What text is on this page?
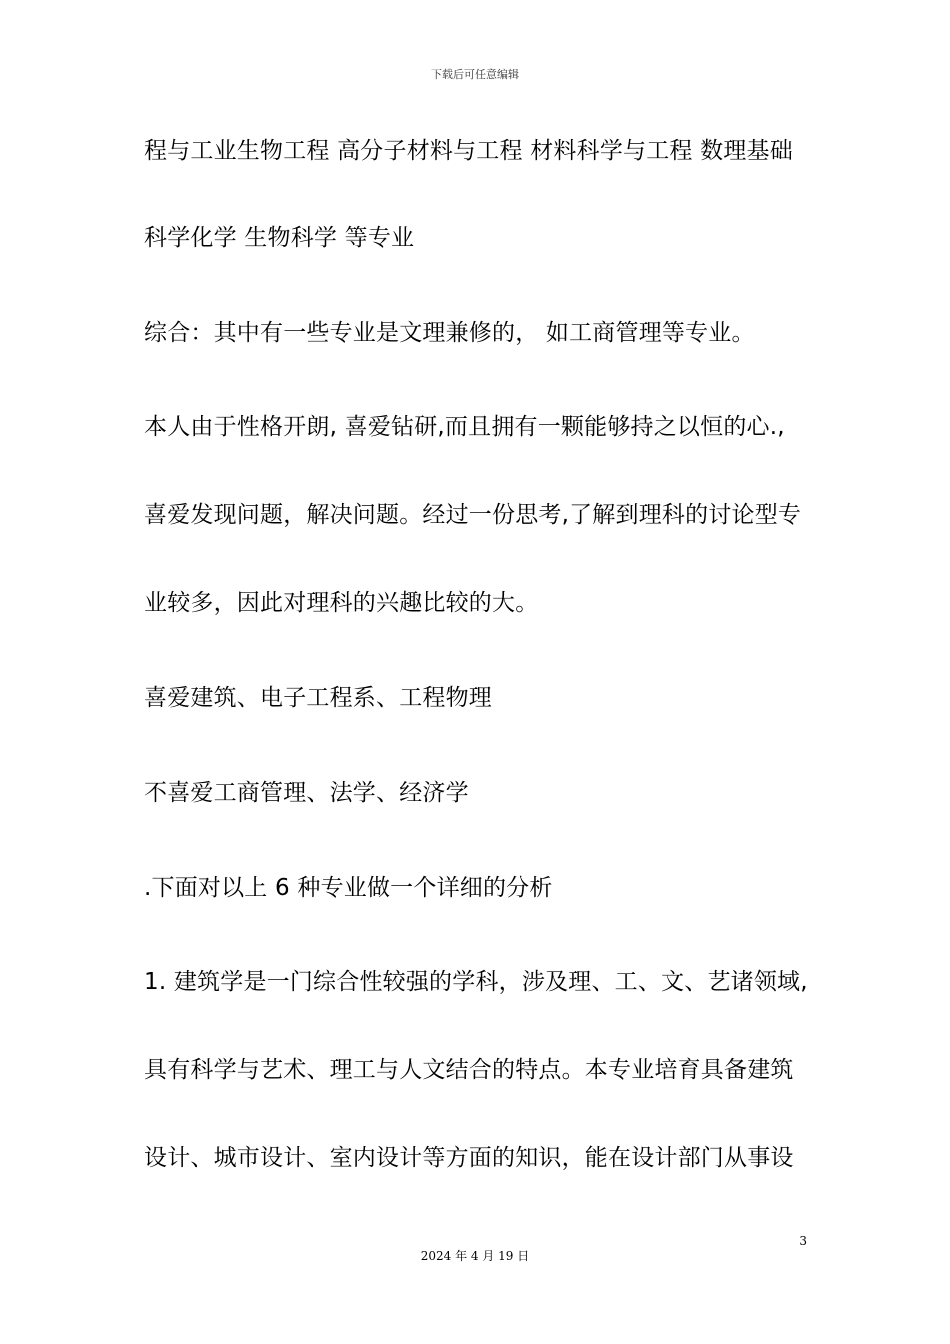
下载后可任意编辑
程与工业生物工程 高分子材料与工程 材料科学与工程 数理基础
科学化学 生物科学 等专业
综合：其中有一些专业是文理兼修的， 如工商管理等专业。
本人由于性格开朗, 喜爱钻研,而且拥有一颗能够持之以恒的心.,
喜爱发现问题，解决问题。经过一份思考,了解到理科的讨论型专
业较多，因此对理科的兴趣比较的大。
喜爱建筑、电子工程系、工程物理
不喜爱工商管理、法学、经济学
.下面对以上 6 种专业做一个详细的分析
1. 建筑学是一门综合性较强的学科，涉及理、工、文、艺诸领域,
具有科学与艺术、理工与人文结合的特点。本专业培育具备建筑
设计、城市设计、室内设计等方面的知识，能在设计部门从事设
3
2024 年 4 月 19 日
